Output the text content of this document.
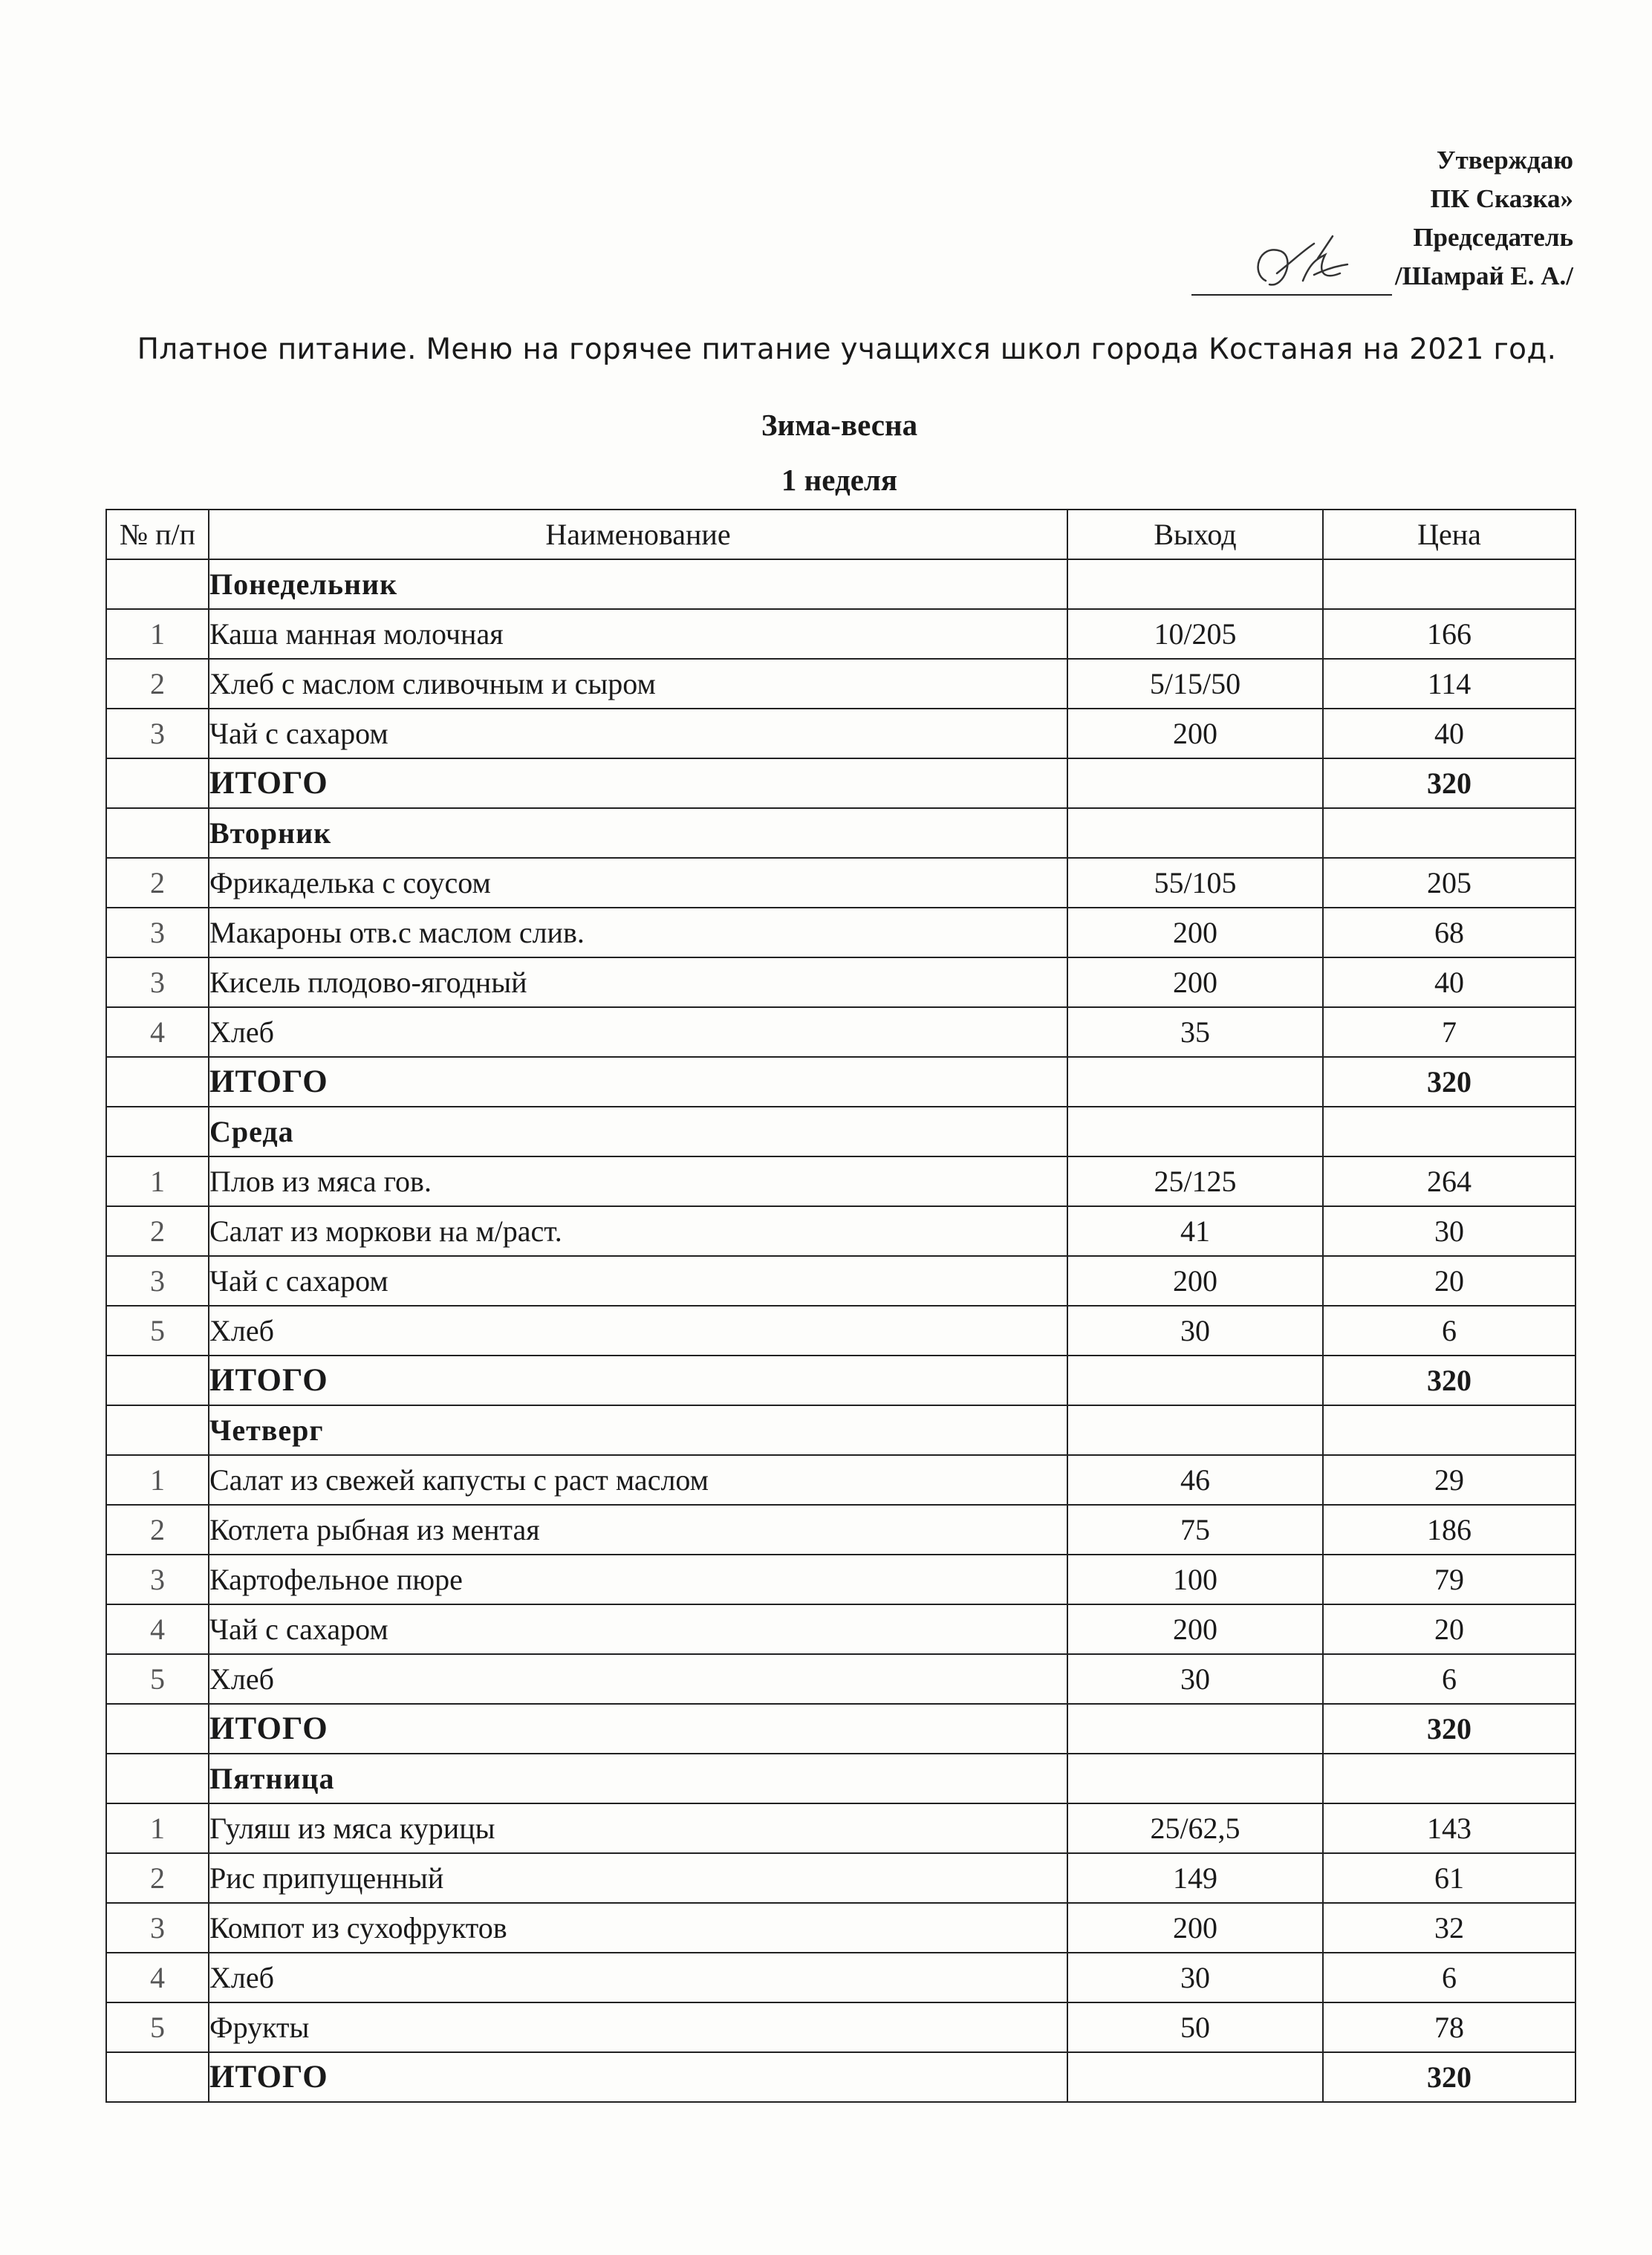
Утверждаю
ПК Сказка»
Председатель
/Шамрай Е. А./
Платное питание. Меню на горячее питание учащихся школ города Костаная на 2021 год.
Зима-весна
1 неделя
№ п/п	Наименование	Выход	Цена
	Понедельник		
1	Каша манная молочная	10/205	166
2	Хлеб с маслом сливочным и сыром	5/15/50	114
3	Чай с сахаром	200	40
	ИТОГО		320
	Вторник		
2	Фрикаделька с соусом	55/105	205
3	Макароны отв.с маслом слив.	200	68
3	Кисель плодово-ягодный	200	40
4	Хлеб	35	7
	ИТОГО		320
	Среда		
1	Плов из мяса гов.	25/125	264
2	Салат из моркови на м/раст.	41	30
3	Чай с сахаром	200	20
5	Хлеб	30	6
	ИТОГО		320
	Четверг		
1	Салат из свежей капусты с раст маслом	46	29
2	Котлета рыбная из ментая	75	186
3	Картофельное пюре	100	79
4	Чай с сахаром	200	20
5	Хлеб	30	6
	ИТОГО		320
	Пятница		
1	Гуляш из мяса курицы	25/62,5	143
2	Рис припущенный	149	61
3	Компот из сухофруктов	200	32
4	Хлеб	30	6
5	Фрукты	50	78
	ИТОГО		320
